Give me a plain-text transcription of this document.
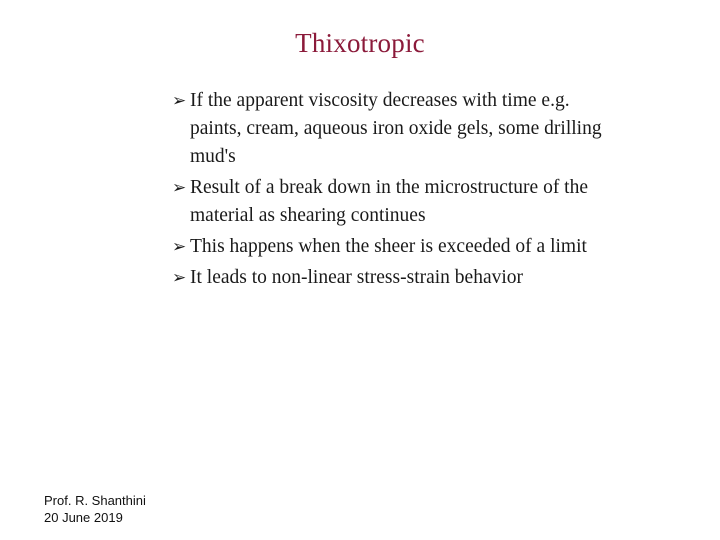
Thixotropic
➢ If the apparent viscosity decreases with time e.g. paints, cream, aqueous iron oxide gels, some drilling mud's
➢ Result of a break down in the microstructure of the material as shearing continues
➢ This happens when the sheer is exceeded of a limit
➢ It leads to non-linear stress-strain behavior
Prof. R. Shanthini
20 June 2019
